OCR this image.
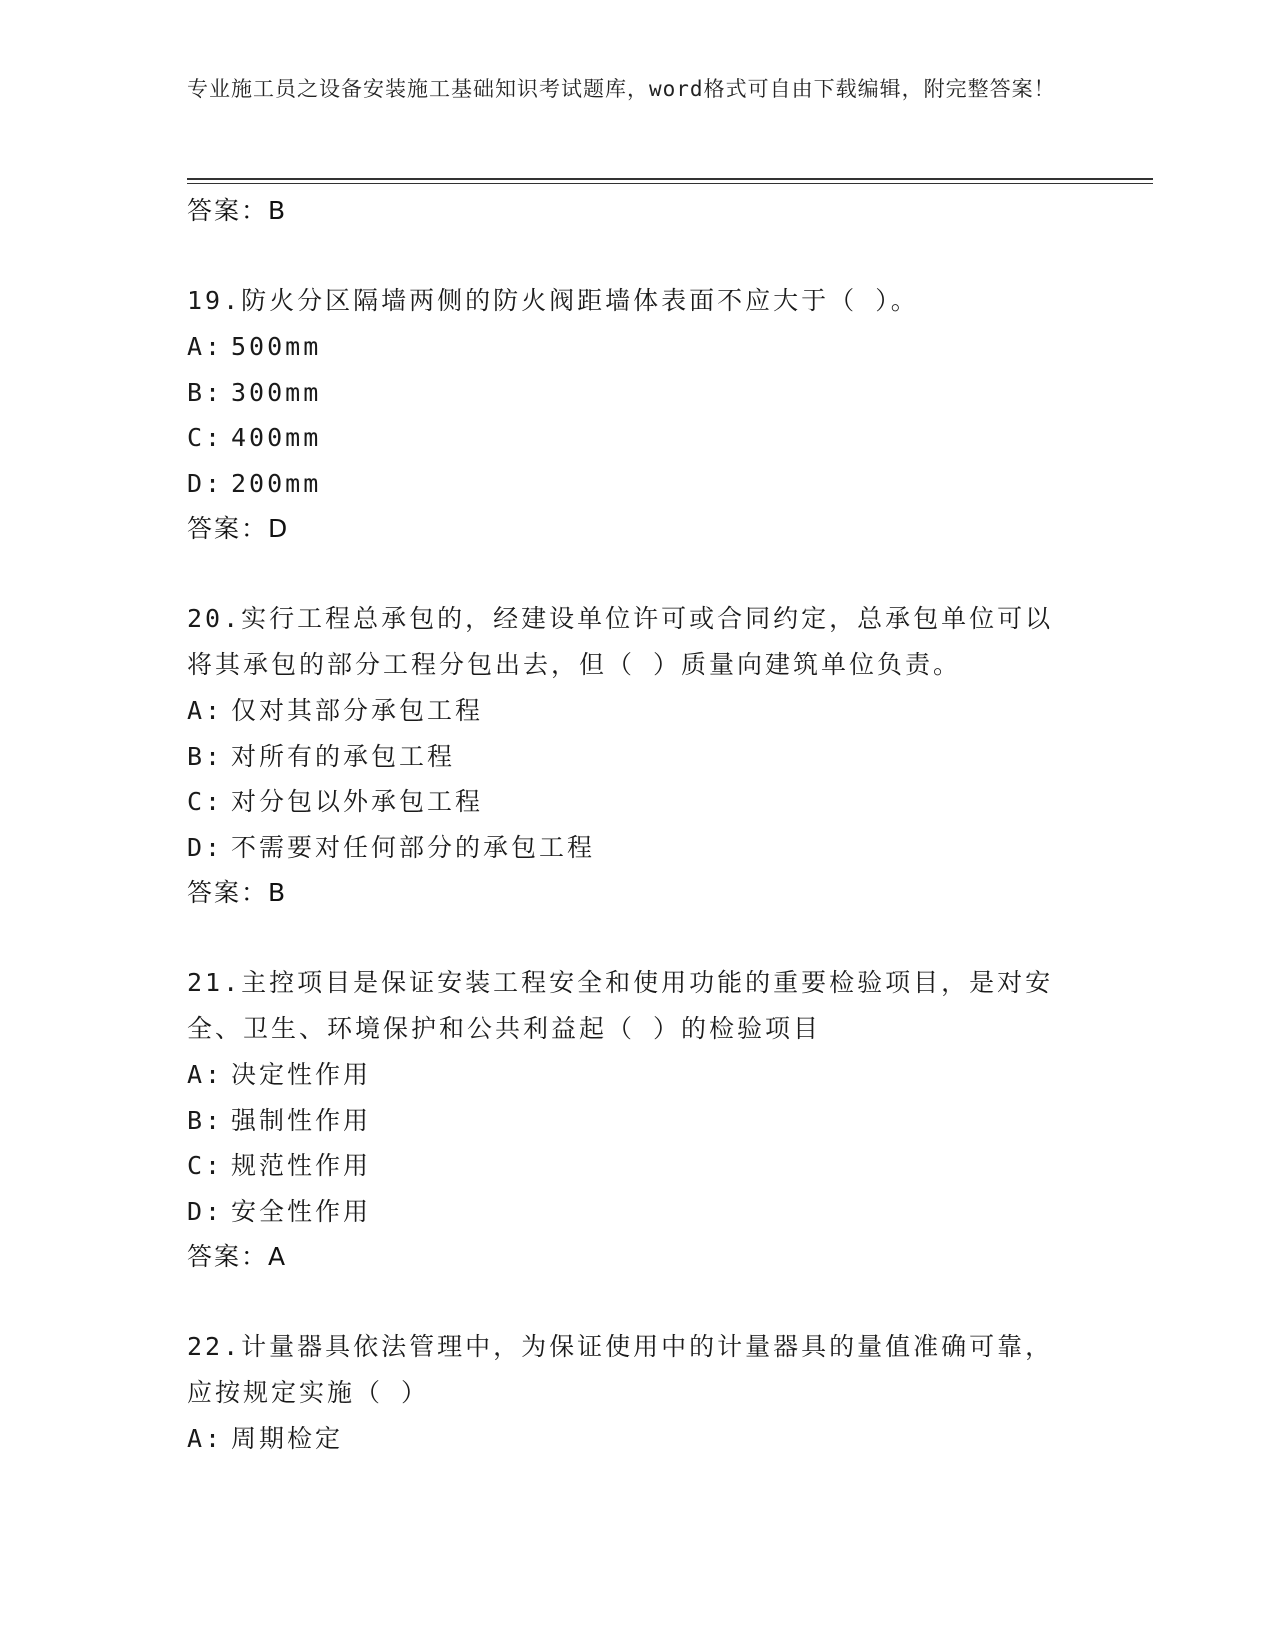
专业施工员之设备安装施工基础知识考试题库，word格式可自由下载编辑，附完整答案！
答案：B
19.防火分区隔墙两侧的防火阀距墙体表面不应大于（ ）。
A: 500mm
B: 300mm
C: 400mm
D: 200mm
答案：D
20.实行工程总承包的，经建设单位许可或合同约定，总承包单位可以将其承包的部分工程分包出去，但（ ）质量向建筑单位负责。
A: 仅对其部分承包工程
B: 对所有的承包工程
C: 对分包以外承包工程
D: 不需要对任何部分的承包工程
答案：B
21.主控项目是保证安装工程安全和使用功能的重要检验项目，是对安全、卫生、环境保护和公共利益起（ ）的检验项目
A: 决定性作用
B: 强制性作用
C: 规范性作用
D: 安全性作用
答案：A
22.计量器具依法管理中，为保证使用中的计量器具的量值准确可靠，应按规定实施（ ）
A: 周期检定
